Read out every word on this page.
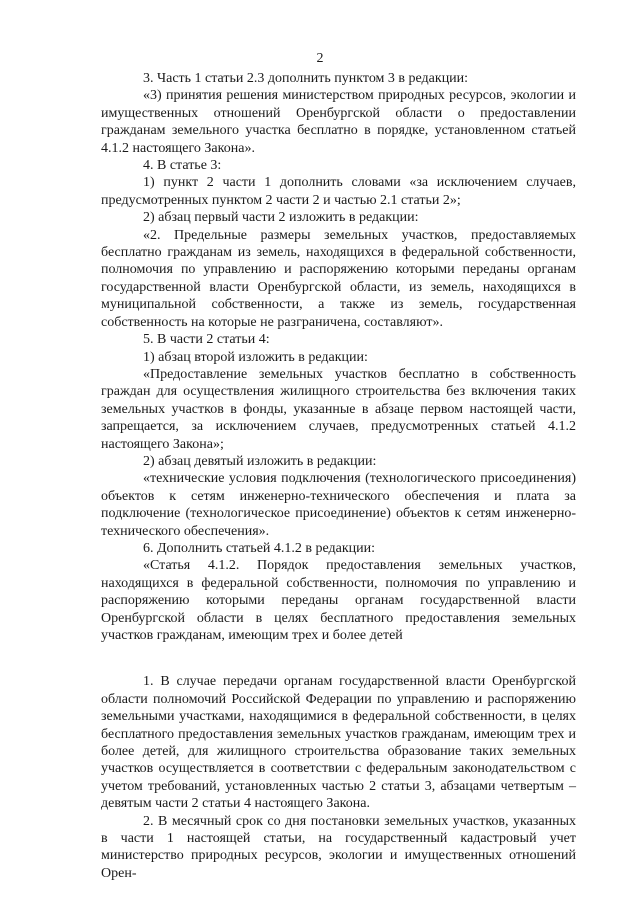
2

3. Часть 1 статьи 2.3 дополнить пунктом 3 в редакции:

«3) принятия решения министерством природных ресурсов, экологии и имущественных отношений Оренбургской области о предоставлении гражданам земельного участка бесплатно в порядке, установленном статьей 4.1.2 настоящего Закона».

4. В статье 3:

1) пункт 2 части 1 дополнить словами «за исключением случаев, предусмотренных пунктом 2 части 2 и частью 2.1 статьи 2»;

2) абзац первый части 2 изложить в редакции:

«2. Предельные размеры земельных участков, предоставляемых бесплатно гражданам из земель, находящихся в федеральной собственности, полномочия по управлению и распоряжению которыми переданы органам государственной власти Оренбургской области, из земель, находящихся в муниципальной собственности, а также из земель, государственная собственность на которые не разграничена, составляют».

5. В части 2 статьи 4:

1) абзац второй изложить в редакции:

«Предоставление земельных участков бесплатно в собственность граждан для осуществления жилищного строительства без включения таких земельных участков в фонды, указанные в абзаце первом настоящей части, запрещается, за исключением случаев, предусмотренных статьей 4.1.2 настоящего Закона»;

2) абзац девятый изложить в редакции:

«технические условия подключения (технологического присоединения) объектов к сетям инженерно-технического обеспечения и плата за подключение (технологическое присоединение) объектов к сетям инженерно-технического обеспечения».

6. Дополнить статьей 4.1.2 в редакции:

«Статья 4.1.2. Порядок предоставления земельных участков, находящихся в федеральной собственности, полномочия по управлению и распоряжению которыми переданы органам государственной власти Оренбургской области в целях бесплатного предоставления земельных участков гражданам, имеющим трех и более детей

1. В случае передачи органам государственной власти Оренбургской области полномочий Российской Федерации по управлению и распоряжению земельными участками, находящимися в федеральной собственности, в целях бесплатного предоставления земельных участков гражданам, имеющим трех и более детей, для жилищного строительства образование таких земельных участков осуществляется в соответствии с федеральным законодательством с учетом требований, установленных частью 2 статьи 3, абзацами четвертым – девятым части 2 статьи 4 настоящего Закона.

2. В месячный срок со дня постановки земельных участков, указанных в части 1 настоящей статьи, на государственный кадастровый учет министерство природных ресурсов, экологии и имущественных отношений Орен-
